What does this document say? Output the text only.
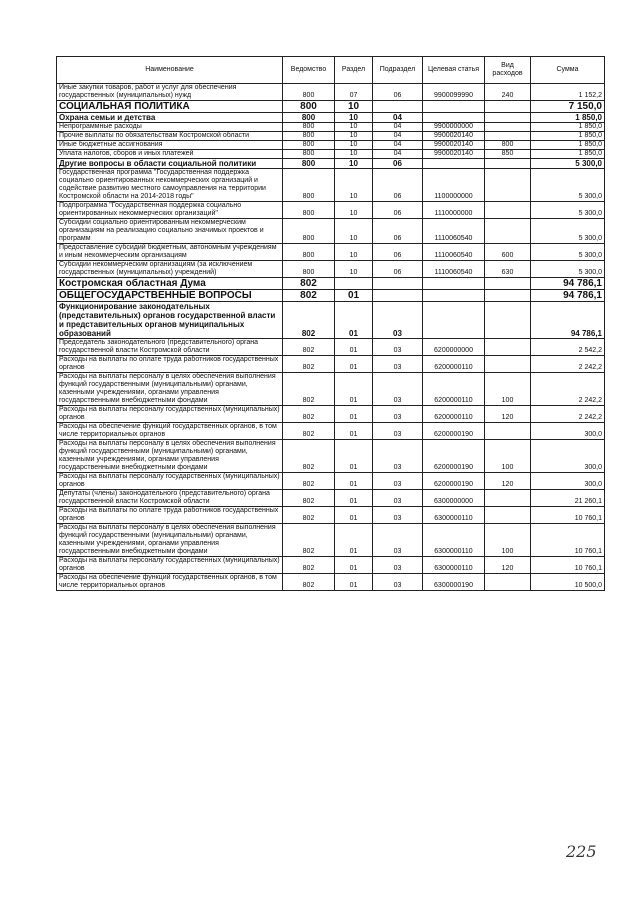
Наименование	Ведомство	Раздел	Подраздел	Целевая статья	Вид расходов	Сумма
Иные закупки товаров, работ и услуг для обеспечения государственных (муниципальных) нужд	800	07	06	9900099990	240	1 152,2
СОЦИАЛЬНАЯ ПОЛИТИКА	800	10				7 150,0
Охрана семьи и детства	800	10	04			1 850,0
Непрограммные расходы	800	10	04	9900000000		1 850,0
Прочие выплаты по обязательствам Костромской области	800	10	04	9900020140		1 850,0
Иные бюджетные ассигнования	800	10	04	9900020140	800	1 850,0
Уплата налогов, сборов и иных платежей	800	10	04	9900020140	850	1 850,0
Другие вопросы в области социальной политики	800	10	06			5 300,0
Государственная программа "Государственная поддержка социально ориентированных некоммерческих организаций и содействие развитию местного самоуправления на территории Костромской области на 2014-2018 годы"	800	10	06	1100000000		5 300,0
Подпрограмма "Государственная поддержка социально ориентированных некоммерческих организаций"	800	10	06	1110000000		5 300,0
Субсидии социально ориентированным некоммерческим организациям на реализацию социально значимых проектов и программ	800	10	06	1110060540		5 300,0
Предоставление субсидий бюджетным, автономным учреждениям и иным некоммерческим организациям	800	10	06	1110060540	600	5 300,0
Субсидии некоммерческим организациям (за исключением государственных (муниципальных) учреждений)	800	10	06	1110060540	630	5 300,0
Костромская областная Дума	802					94 786,1
ОБЩЕГОСУДАРСТВЕННЫЕ ВОПРОСЫ	802	01				94 786,1
Функционирование законодательных (представительных) органов государственной власти и представительных органов муниципальных образований	802	01	03			94 786,1
Председатель законодательного (представительного) органа государственной власти Костромской области	802	01	03	6200000000		2 542,2
Расходы на выплаты по оплате труда работников государственных органов	802	01	03	6200000110		2 242,2
Расходы на выплаты персоналу в целях обеспечения выполнения функций государственными (муниципальными) органами, казенными учреждениями, органами управления государственными внебюджетными фондами	802	01	03	6200000110	100	2 242,2
Расходы на выплаты персоналу государственных (муниципальных) органов	802	01	03	6200000110	120	2 242,2
Расходы на обеспечение функций государственных органов, в том числе территориальных органов	802	01	03	6200000190		300,0
Расходы на выплаты персоналу в целях обеспечения выполнения функций государственными (муниципальными) органами, казенными учреждениями, органами управления государственными внебюджетными фондами	802	01	03	6200000190	100	300,0
Расходы на выплаты персоналу государственных (муниципальных) органов	802	01	03	6200000190	120	300,0
Депутаты (члены) законодательного (представительного) органа государственной власти Костромской области	802	01	03	6300000000		21 260,1
Расходы на выплаты по оплате труда работников государственных органов	802	01	03	6300000110		10 760,1
Расходы на выплаты персоналу в целях обеспечения выполнения функций государственными (муниципальными) органами, казенными учреждениями, органами управления государственными внебюджетными фондами	802	01	03	6300000110	100	10 760,1
Расходы на выплаты персоналу государственных (муниципальных) органов	802	01	03	6300000110	120	10 760,1
Расходы на обеспечение функций государственных органов, в том числе территориальных органов	802	01	03	6300000190		10 500,0
225
